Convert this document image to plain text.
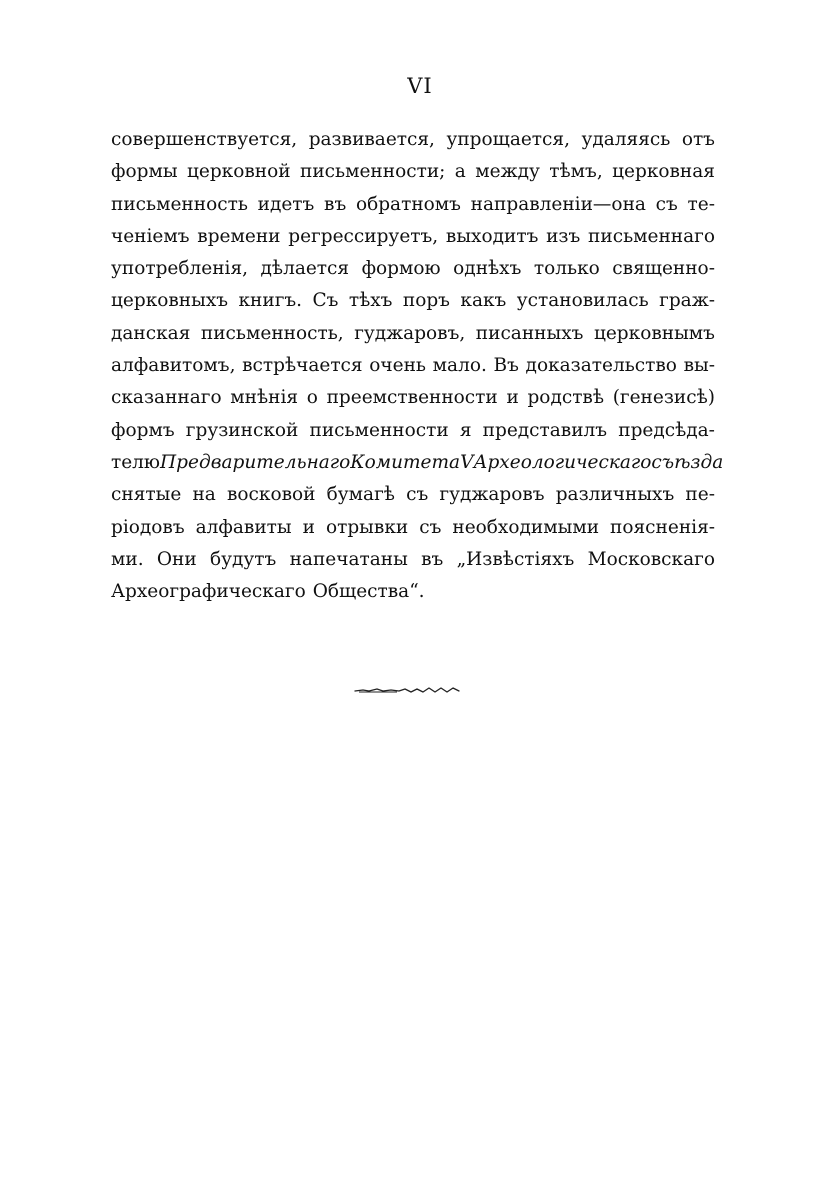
VI
совершенствуется, развивается, упрощается, удаляясь отъ
формы церковной письменности; а между тѣмъ, церковная
письменность идетъ въ обратномъ направленіи—она съ те-
ченіемъ времени регрессируетъ, выходитъ изъ письменнаго
употребленія, дѣлается формою однѣхъ только священно-
церковныхъ книгъ. Съ тѣхъ поръ какъ установилась граж-
данская письменность, гуджаровъ, писанныхъ церковнымъ
алфавитомъ, встрѣчается очень мало. Въ доказательство вы-
сказаннаго мнѣнія о преемственности и родствѣ (генезисѣ)
формъ грузинской письменности я представилъ предсѣда-
телю Предварительнаго Комитета V Археологическаго съѣзда
снятые на восковой бумагѣ съ гуджаровъ различныхъ пе-
ріодовъ алфавиты и отрывки съ необходимыми поясненія-
ми. Они будутъ напечатаны въ „Извѣстіяхъ Московскаго
Археографическаго Общества“.
